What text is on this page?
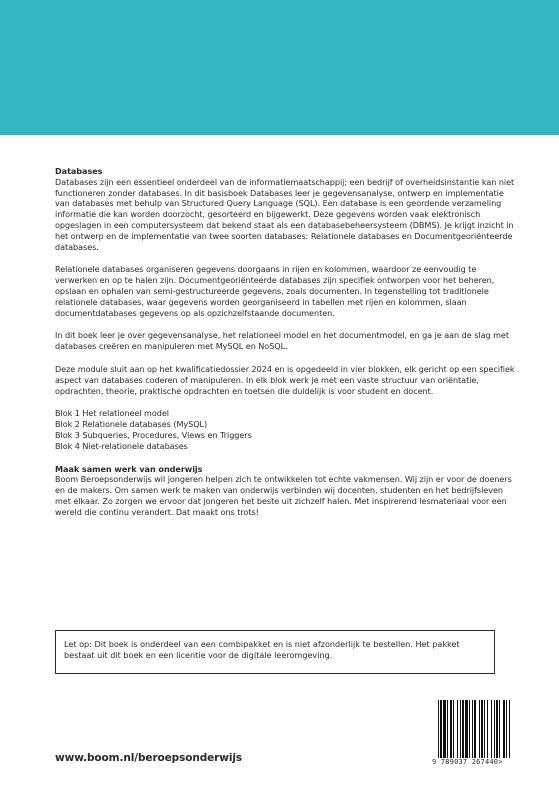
Databases

Databases zijn een essentieel onderdeel van de informatiemaatschappij; een bedrijf of overheidsinstantie kan niet functioneren zonder databases. In dit basisboek Databases leer je gegevensanalyse, ontwerp en implementatie van databases met behulp van Structured Query Language (SQL). Een database is een geordende verzameling informatie die kan worden doorzocht, gesorteerd en bijgewerkt. Deze gegevens worden vaak elektronisch opgeslagen in een computersysteem dat bekend staat als een databasebeheersysteem (DBMS). Je krijgt inzicht in het ontwerp en de implementatie van twee soorten databases: Relationele databases en Documentgeoriënteerde databases.

Relationele databases organiseren gegevens doorgaans in rijen en kolommen, waardoor ze eenvoudig te verwerken en op te halen zijn. Documentgeoriënteerde databases zijn specifiek ontworpen voor het beheren, opslaan en ophalen van semi-gestructureerde gegevens, zoals documenten. In tegenstelling tot traditionele relationele databases, waar gegevens worden georganiseerd in tabellen met rijen en kolommen, slaan documentdatabases gegevens op als opzichzelfstaande documenten.

In dit boek leer je over gegevensanalyse, het relationeel model en het documentmodel, en ga je aan de slag met databases creëren en manipuleren met MySQL en NoSQL.

Deze module sluit aan op het kwalificatiedossier 2024 en is opgedeeld in vier blokken, elk gericht op een specifiek aspect van databases coderen of manipuleren. In elk blok werk je met een vaste structuur van oriëntatie, opdrachten, theorie, praktische opdrachten en toetsen die duidelijk is voor student en docent.

Blok 1 Het relationeel model
Blok 2 Relationele databases (MySQL)
Blok 3 Subqueries, Procedures, Views en Triggers
Blok 4 Niet-relationele databases
Maak samen werk van onderwijs

Boom Beroepsonderwijs wil jongeren helpen zich te ontwikkelen tot echte vakmensen. Wij zijn er voor de doeners en de makers. Om samen werk te maken van onderwijs verbinden wij docenten, studenten en het bedrijfsleven met elkaar. Zo zorgen we ervoor dat jongeren het beste uit zichzelf halen. Met inspirerend lesmateriaal voor een wereld die continu verandert. Dat maakt ons trots!

Let op: Dit boek is onderdeel van een combipakket en is niet afzonderlijk te bestellen. Het pakket bestaat uit dit boek en een licentie voor de digitale leeromgeving.
www.boom.nl/beroepsonderwijs	9 789037 267440>
